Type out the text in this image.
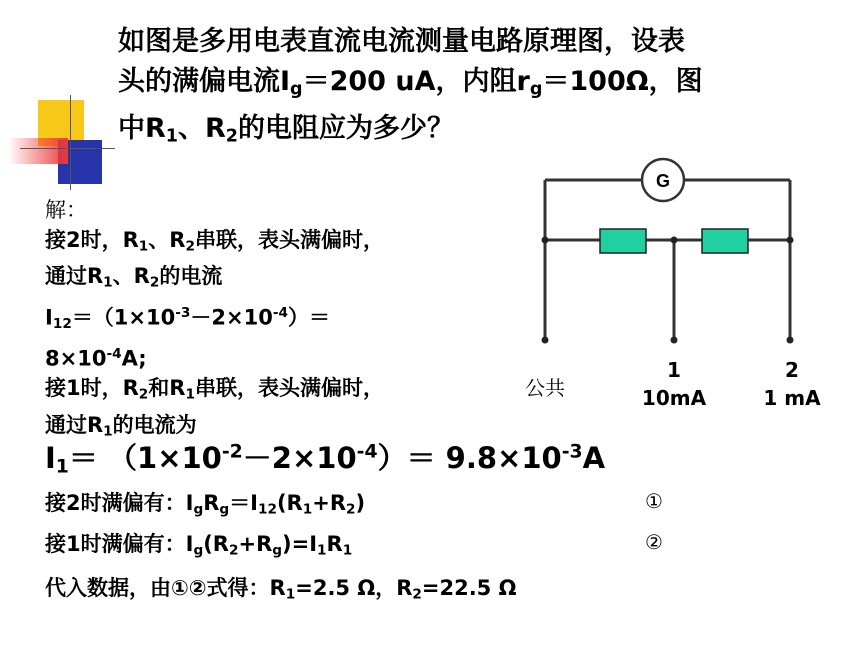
如图是多用电表直流电流测量电路原理图，设表
头的满偏电流$I_g=200$ uA，内阻$r_g=100\Omega$，图
中$R_1$、$R_2$的电阻应为多少？
G
公共
1
10mA
2
1 mA
解：
接2时，$R_1$、$R_2$串联，表头满偏时，
通过$R_1$、$R_2$的电流
$I_{12}=(1\times 10^{-3}-2\times 10^{-4})=$
$8\times 10^{-4}A$;
接1时，$R_2$和$R_1$串联，表头满偏时，
通过$R_1$的电流为
$I_1= (1\times 10^{-2}-2\times 10^{-4})= 9.8\times 10^{-3}A$
接2时满偏有：$I_gR_g=I_{12}(R_1+R_2)$	①
接1时满偏有：$I_g(R_2+R_g)=I_1R_1$	②
代入数据，由①②式得：$R_1=2.5$ Ω，$R_2=22.5$ Ω
